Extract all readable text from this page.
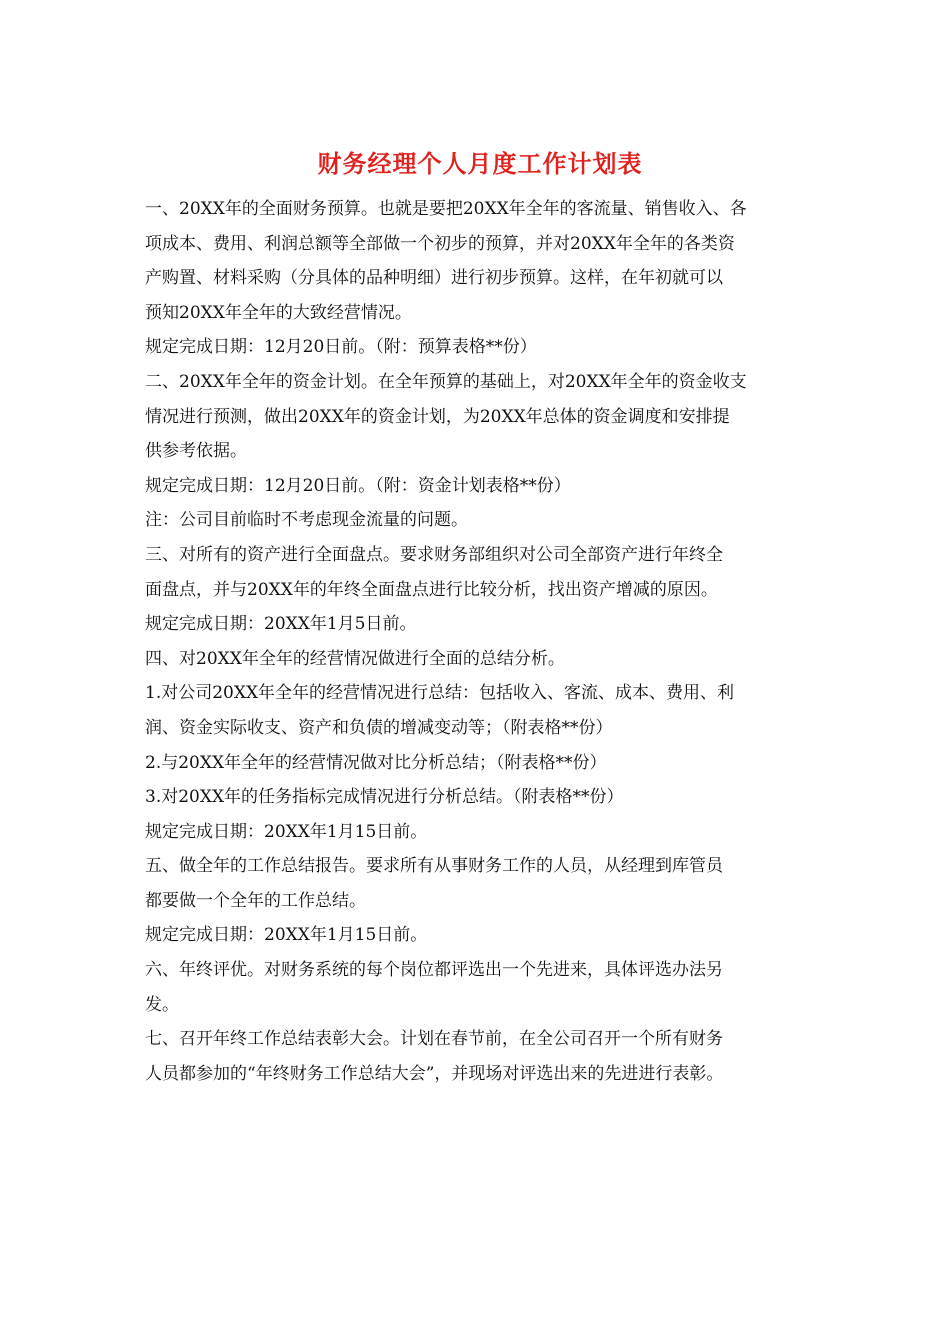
财务经理个人月度工作计划表
一、20XX年的全面财务预算。也就是要把20XX年全年的客流量、销售收入、各
项成本、费用、利润总额等全部做一个初步的预算，并对20XX年全年的各类资
产购置、材料采购（分具体的品种明细）进行初步预算。这样，在年初就可以
预知20XX年全年的大致经营情况。
规定完成日期：12月20日前。（附：预算表格**份）
二、20XX年全年的资金计划。在全年预算的基础上，对20XX年全年的资金收支
情况进行预测，做出20XX年的资金计划，为20XX年总体的资金调度和安排提
供参考依据。
规定完成日期：12月20日前。（附：资金计划表格**份）
注：公司目前临时不考虑现金流量的问题。
三、对所有的资产进行全面盘点。要求财务部组织对公司全部资产进行年终全
面盘点，并与20XX年的年终全面盘点进行比较分析，找出资产增减的原因。
规定完成日期：20XX年1月5日前。
四、对20XX年全年的经营情况做进行全面的总结分析。
1.对公司20XX年全年的经营情况进行总结：包括收入、客流、成本、费用、利
润、资金实际收支、资产和负债的增减变动等；（附表格**份）
2.与20XX年全年的经营情况做对比分析总结；（附表格**份）
3.对20XX年的任务指标完成情况进行分析总结。（附表格**份）
规定完成日期：20XX年1月15日前。
五、做全年的工作总结报告。要求所有从事财务工作的人员，从经理到库管员
都要做一个全年的工作总结。
规定完成日期：20XX年1月15日前。
六、年终评优。对财务系统的每个岗位都评选出一个先进来，具体评选办法另
发。
七、召开年终工作总结表彰大会。计划在春节前，在全公司召开一个所有财务
人员都参加的“年终财务工作总结大会”，并现场对评选出来的先进进行表彰。
